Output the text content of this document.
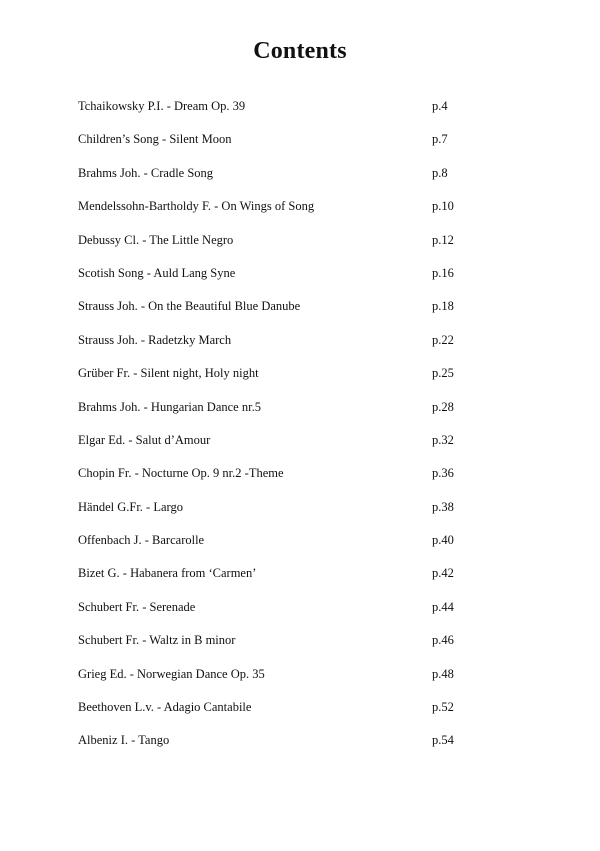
Contents
Tchaikowsky P.I. - Dream Op. 39	p.4
Children’s Song - Silent Moon	p.7
Brahms Joh. - Cradle Song	p.8
Mendelssohn-Bartholdy F. - On Wings of Song	p.10
Debussy Cl. - The Little Negro	p.12
Scotish Song - Auld Lang Syne	p.16
Strauss Joh. - On the Beautiful Blue Danube	p.18
Strauss Joh. - Radetzky March	p.22
Grüber Fr. - Silent night, Holy night	p.25
Brahms Joh. - Hungarian Dance nr.5	p.28
Elgar Ed. - Salut d’Amour	p.32
Chopin Fr. - Nocturne Op. 9 nr.2 -Theme	p.36
Händel G.Fr. - Largo	p.38
Offenbach J. - Barcarolle	p.40
Bizet G. - Habanera from ‘Carmen’	p.42
Schubert Fr. - Serenade	p.44
Schubert Fr. - Waltz in B minor	p.46
Grieg Ed. - Norwegian Dance Op. 35	p.48
Beethoven L.v. - Adagio Cantabile	p.52
Albeniz I. - Tango	p.54
